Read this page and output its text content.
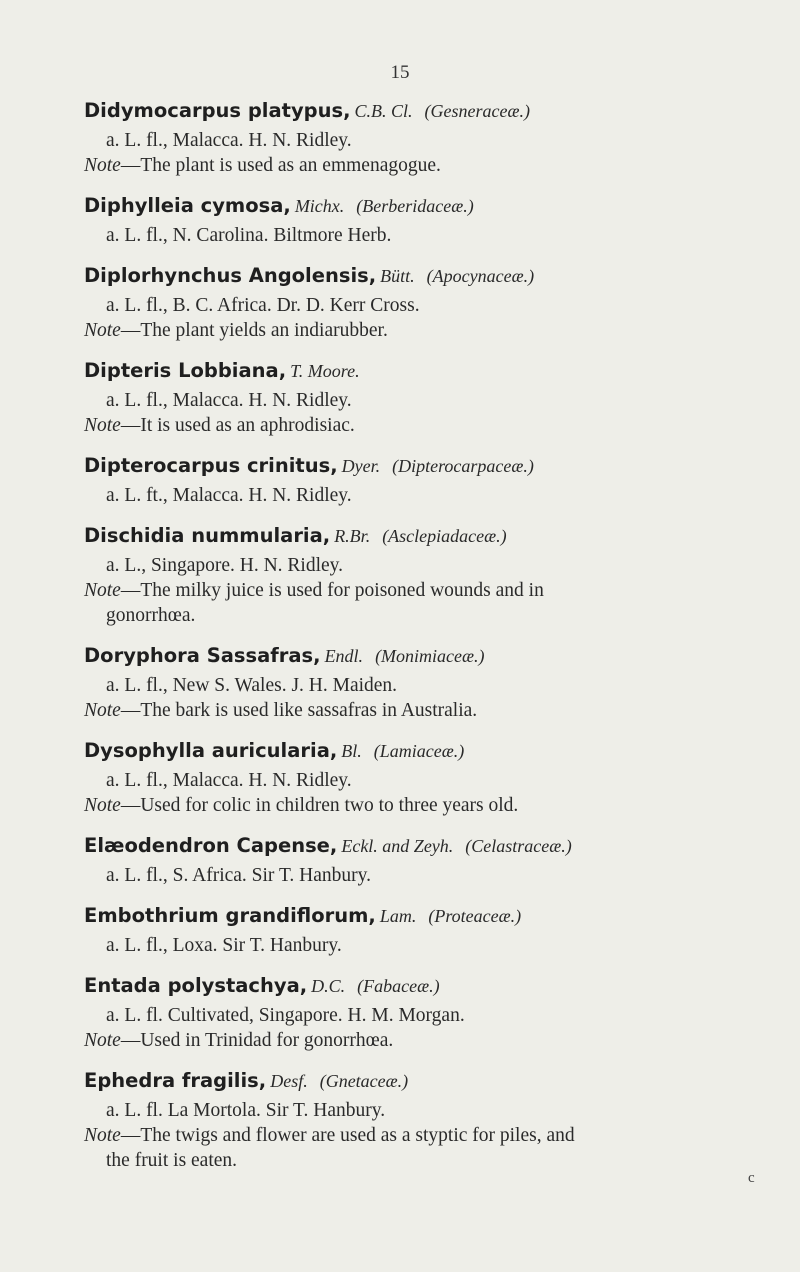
15
Didymocarpus platypus, C.B. Cl. (Gesneraceæ.)
a. L. fl., Malacca. H. N. Ridley.
Note—The plant is used as an emmenagogue.
Diphylleia cymosa, Michx. (Berberidaceæ.)
a. L. fl., N. Carolina. Biltmore Herb.
Diplorhynchus Angolensis, Bütt. (Apocynaceæ.)
a. L. fl., B. C. Africa. Dr. D. Kerr Cross.
Note—The plant yields an indiarubber.
Dipteris Lobbiana, T. Moore.
a. L. fl., Malacca. H. N. Ridley.
Note—It is used as an aphrodisiac.
Dipterocarpus crinitus, Dyer. (Dipterocarpaceæ.)
a. L. ft., Malacca. H. N. Ridley.
Dischidia nummularia, R.Br. (Asclepiadaceæ.)
a. L., Singapore. H. N. Ridley.
Note—The milky juice is used for poisoned wounds and in
gonorrhœa.
Doryphora Sassafras, Endl. (Monimiaceæ.)
a. L. fl., New S. Wales. J. H. Maiden.
Note—The bark is used like sassafras in Australia.
Dysophylla auricularia, Bl. (Lamiaceæ.)
a. L. fl., Malacca. H. N. Ridley.
Note—Used for colic in children two to three years old.
Elæodendron Capense, Eckl. and Zeyh. (Celastraceæ.)
a. L. fl., S. Africa. Sir T. Hanbury.
Embothrium grandiflorum, Lam. (Proteaceæ.)
a. L. fl., Loxa. Sir T. Hanbury.
Entada polystachya, D.C. (Fabaceæ.)
a. L. fl. Cultivated, Singapore. H. M. Morgan.
Note—Used in Trinidad for gonorrhœa.
Ephedra fragilis, Desf. (Gnetaceæ.)
a. L. fl. La Mortola. Sir T. Hanbury.
Note—The twigs and flower are used as a styptic for piles, and
the fruit is eaten.
c
